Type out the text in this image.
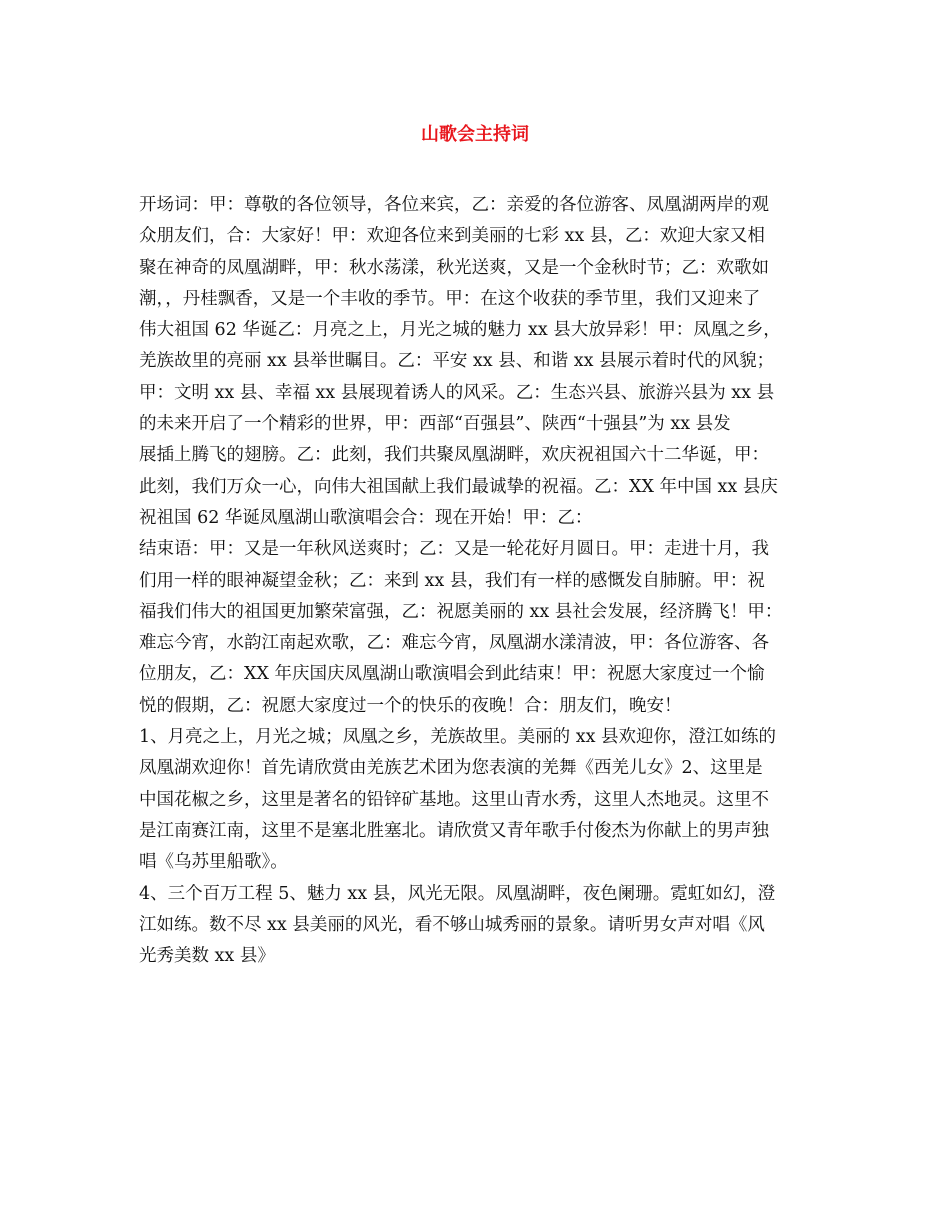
山歌会主持词
开场词：甲：尊敬的各位领导，各位来宾，乙：亲爱的各位游客、凤凰湖两岸的观
众朋友们，合：大家好！甲：欢迎各位来到美丽的七彩 xx 县，乙：欢迎大家又相
聚在神奇的凤凰湖畔，甲：秋水荡漾，秋光送爽，又是一个金秋时节；乙：欢歌如
潮，，丹桂飘香，又是一个丰收的季节。甲：在这个收获的季节里，我们又迎来了
伟大祖国 62 华诞乙：月亮之上，月光之城的魅力 xx 县大放异彩！甲：凤凰之乡，
羌族故里的亮丽 xx 县举世瞩目。乙：平安 xx 县、和谐 xx 县展示着时代的风貌；
甲：文明 xx 县、幸福 xx 县展现着诱人的风采。乙：生态兴县、旅游兴县为 xx 县
的未来开启了一个精彩的世界，甲：西部“百强县”、陕西“十强县”为 xx 县发
展插上腾飞的翅膀。乙：此刻，我们共聚凤凰湖畔，欢庆祝祖国六十二华诞，甲：
此刻，我们万众一心，向伟大祖国献上我们最诚挚的祝福。乙：XX 年中国 xx 县庆
祝祖国 62 华诞凤凰湖山歌演唱会合：现在开始！甲：乙：
结束语：甲：又是一年秋风送爽时；乙：又是一轮花好月圆日。甲：走进十月，我
们用一样的眼神凝望金秋；乙：来到 xx 县，我们有一样的感慨发自肺腑。甲：祝
福我们伟大的祖国更加繁荣富强，乙：祝愿美丽的 xx 县社会发展，经济腾飞！甲：
难忘今宵，水韵江南起欢歌，乙：难忘今宵，凤凰湖水漾清波，甲：各位游客、各
位朋友，乙：XX 年庆国庆凤凰湖山歌演唱会到此结束！甲：祝愿大家度过一个愉
悦的假期，乙：祝愿大家度过一个的快乐的夜晚！合：朋友们，晚安！
1、月亮之上，月光之城；凤凰之乡，羌族故里。美丽的 xx 县欢迎你，澄江如练的
凤凰湖欢迎你！首先请欣赏由羌族艺术团为您表演的羌舞《西羌儿女》2、这里是
中国花椒之乡，这里是著名的铅锌矿基地。这里山青水秀，这里人杰地灵。这里不
是江南赛江南，这里不是塞北胜塞北。请欣赏又青年歌手付俊杰为你献上的男声独
唱《乌苏里船歌》。
4、三个百万工程 5、魅力 xx 县，风光无限。凤凰湖畔，夜色阑珊。霓虹如幻，澄
江如练。数不尽 xx 县美丽的风光，看不够山城秀丽的景象。请听男女声对唱《风
光秀美数 xx 县》
